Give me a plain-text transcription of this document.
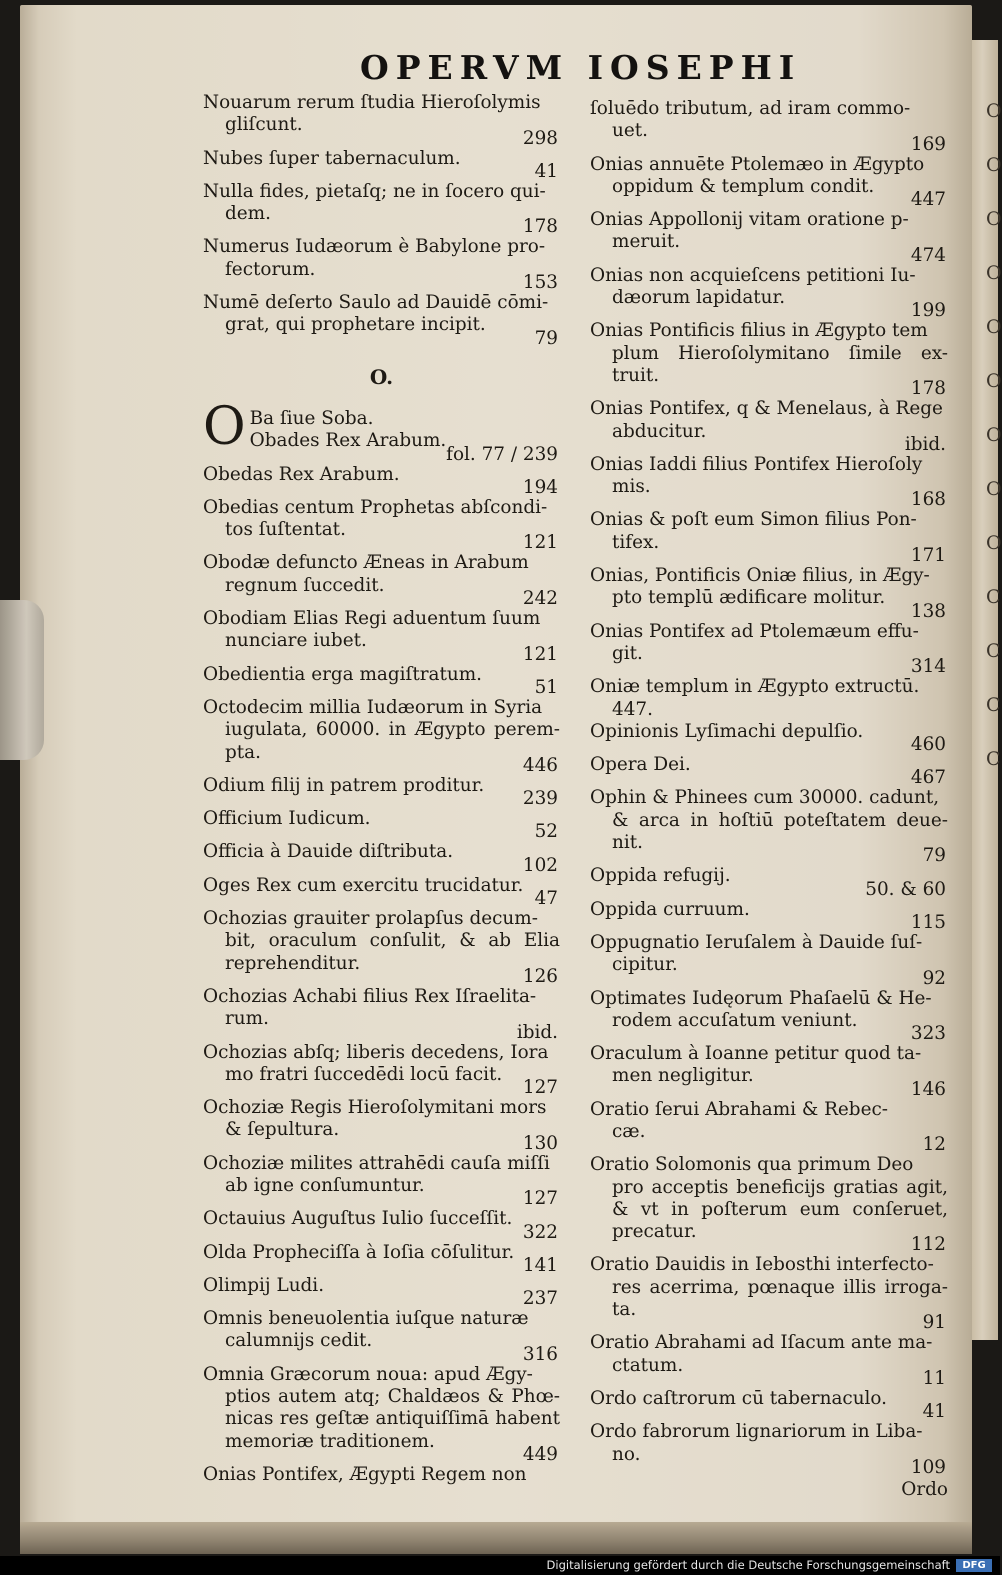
O
O
O
O
O
O
O
O
O
C
C
C
C
OPERVM IOSEPHI
Nouarum rerum ſtudia Hieroſolymis
gliſcunt.
298
Nubes ſuper tabernaculum.
41
Nulla fides, pietaſq; ne in ſocero qui-
dem.
178
Numerus Iudæorum è Babylone pro-
fectorum.
153
Numē deſerto Saulo ad Dauidē cōmi-
grat, qui prophetare incipit.
79
O.
O Ba ſiue Soba.
Obades Rex Arabum.
fol. 77 / 239
Obedas Rex Arabum.
194
Obedias centum Prophetas abſcondi-
tos ſuſtentat.
121
Obodæ defuncto Æneas in Arabum
regnum ſuccedit.
242
Obodiam Elias Regi aduentum ſuum
nunciare iubet.
121
Obedientia erga magiſtratum.
51
Octodecim millia Iudæorum in Syria
iugulata, 60000. in Ægypto perem- pta.
446
Odium filij in patrem proditur.
239
Officium Iudicum.
52
Officia à Dauide diſtributa.
102
Oges Rex cum exercitu trucidatur.
47
Ochozias grauiter prolapſus decum-
bit, oraculum conſulit, & ab Elia reprehenditur.
126
Ochozias Achabi filius Rex Iſraelita-
rum.
ibid.
Ochozias abſq; liberis decedens, Iora
mo fratri ſuccedēdi locū facit.
127
Ochoziæ Regis Hieroſolymitani mors
& ſepultura.
130
Ochoziæ milites attrahēdi cauſa miſſi
ab igne conſumuntur.
127
Octauius Auguſtus Iulio ſucceſſit.
322
Olda Propheciſſa à Ioſia cōſulitur.
141
Olimpij Ludi.
237
Omnis beneuolentia iuſque naturæ
calumnijs cedit.
316
Omnia Græcorum noua: apud Ægy-
ptios autem atq; Chaldæos & Phœ- nicas res geſtæ antiquiſſimā habent memoriæ traditionem.
449
Onias Pontifex, Ægypti Regem non
ſoluēdo tributum, ad iram commo-
uet.
169
Onias annuēte Ptolemæo in Ægypto
oppidum & templum condit.
447
Onias Appollonij vitam oratione p-
meruit.
474
Onias non acquieſcens petitioni Iu-
dæorum lapidatur.
199
Onias Pontificis filius in Ægypto tem
plum Hieroſolymitano ſimile ex- truit.
178
Onias Pontifex, q & Menelaus, à Rege
abducitur.
ibid.
Onias Iaddi filius Pontifex Hieroſoly
mis.
168
Onias & poſt eum Simon filius Pon-
tifex.
171
Onias, Pontificis Oniæ filius, in Ægy-
pto templū ædificare molitur.
138
Onias Pontifex ad Ptolemæum effu-
git.
314
Oniæ templum in Ægypto extructū.
447.
Opinionis Lyſimachi depulſio.
460
Opera Dei.
467
Ophin & Phinees cum 30000. cadunt,
& arca in hoſtiū poteſtatem deue- nit.
79
Oppida refugij.
50. & 60
Oppida curruum.
115
Oppugnatio Ieruſalem à Dauide ſuſ-
cipitur.
92
Optimates Iudęorum Phaſaelū & He-
rodem accuſatum veniunt.
323
Oraculum à Ioanne petitur quod ta-
men negligitur.
146
Oratio ſerui Abrahami & Rebec-
cæ.
12
Oratio Solomonis qua primum Deo
pro acceptis beneficijs gratias agit, & vt in poſterum eum conſeruet, precatur.
112
Oratio Dauidis in Iebosthi interfecto-
res acerrima, pœnaque illis irroga- ta.
91
Oratio Abrahami ad Iſacum ante ma-
ctatum.
11
Ordo caſtrorum cū tabernaculo.
41
Ordo fabrorum lignariorum in Liba-
no.
109
Ordo
Digitalisierung gefördert durch die Deutsche Forschungsgemeinschaft	DFG
